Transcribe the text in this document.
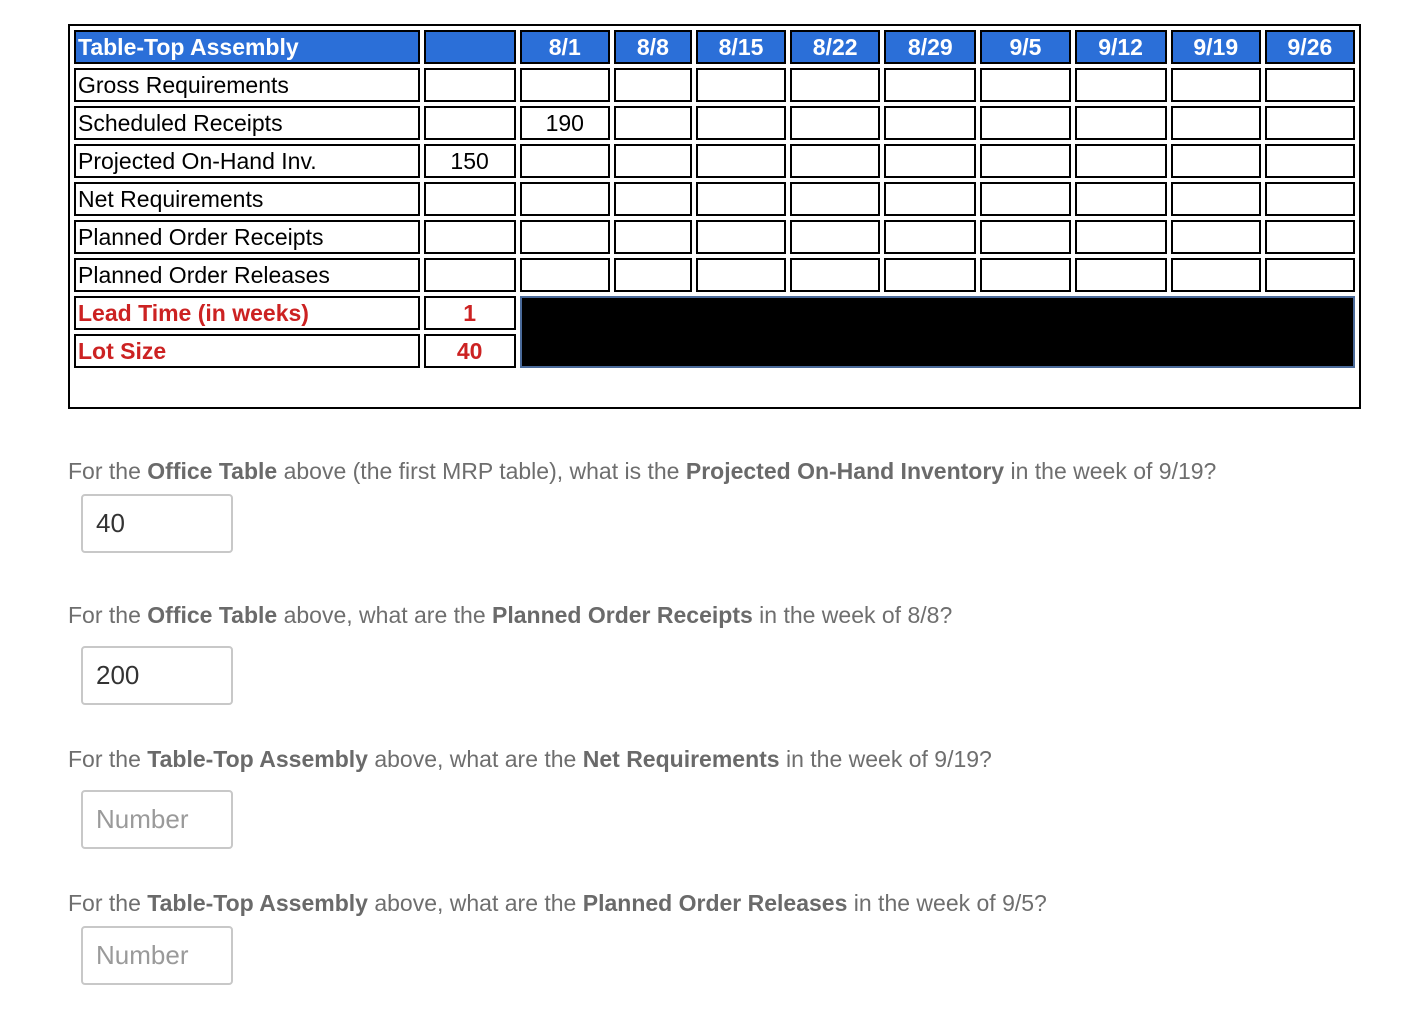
Table-Top Assembly		8/1	8/8	8/15	8/22	8/29	9/5	9/12	9/19	9/26
Gross Requirements										
Scheduled Receipts		190								
Projected On-Hand Inv.	150									
Net Requirements										
Planned Order Receipts										
Planned Order Releases										
Lead Time (in weeks)	1									
Lot Size	40									
For the Office Table above (the first MRP table), what is the Projected On-Hand Inventory in the week of 9/19?
40
For the Office Table above, what are the Planned Order Receipts in the week of 8/8?
200
For the Table-Top Assembly above, what are the Net Requirements in the week of 9/19?
Number
For the Table-Top Assembly above, what are the Planned Order Releases in the week of 9/5?
Number
